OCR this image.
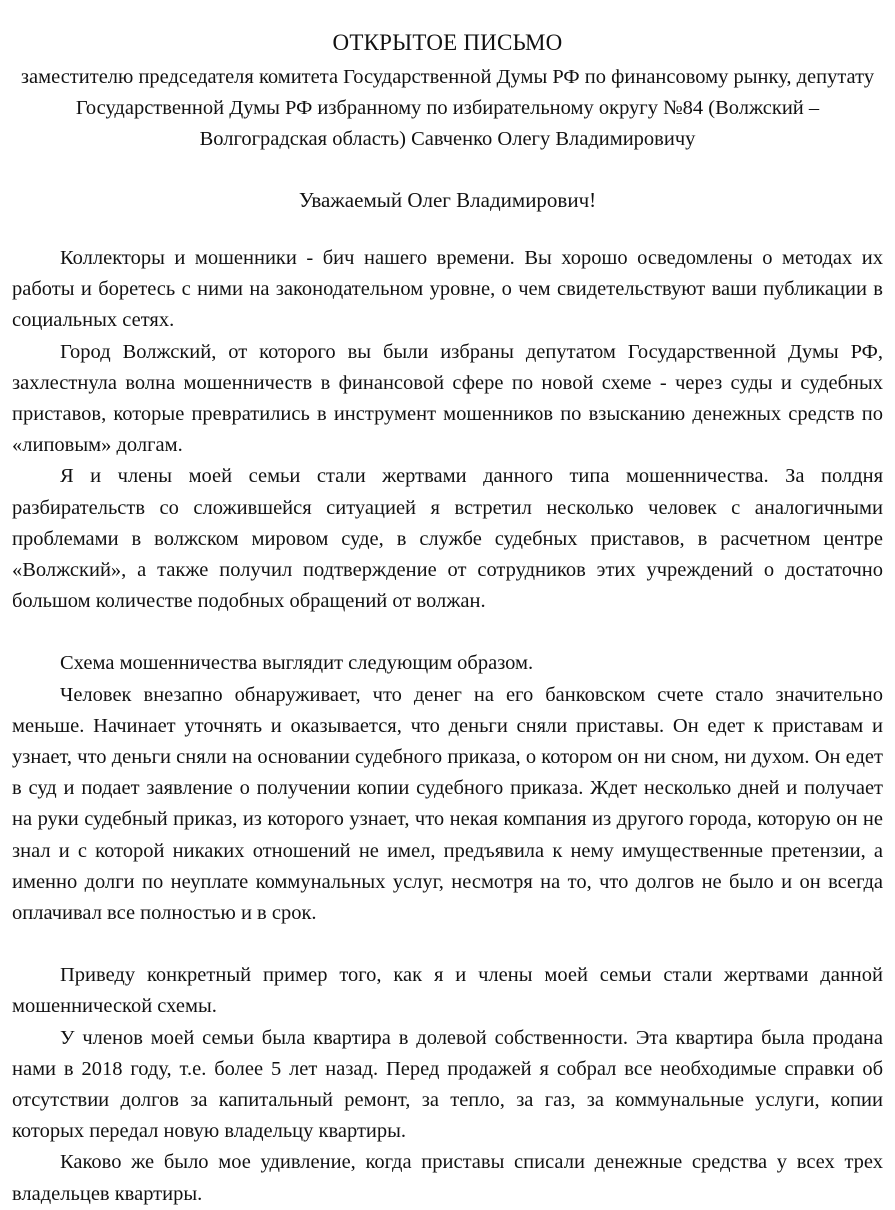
ОТКРЫТОЕ ПИСЬМО

заместителю председателя комитета Государственной Думы РФ по финансовому рынку, депутату Государственной Думы РФ избранному по избирательному округу №84 (Волжский – Волгоградская область) Савченко Олегу Владимировичу

Уважаемый Олег Владимирович!

Коллекторы и мошенники - бич нашего времени. Вы хорошо осведомлены о методах их работы и боретесь с ними на законодательном уровне, о чем свидетельствуют ваши публикации в социальных сетях.

Город Волжский, от которого вы были избраны депутатом Государственной Думы РФ, захлестнула волна мошенничеств в финансовой сфере по новой схеме - через суды и судебных приставов, которые превратились в инструмент мошенников по взысканию денежных средств по «липовым» долгам.

Я и члены моей семьи стали жертвами данного типа мошенничества. За полдня разбирательств со сложившейся ситуацией я встретил несколько человек с аналогичными проблемами в волжском мировом суде, в службе судебных приставов, в расчетном центре «Волжский», а также получил подтверждение от сотрудников этих учреждений о достаточно большом количестве подобных обращений от волжан.

Схема мошенничества выглядит следующим образом.

Человек внезапно обнаруживает, что денег на его банковском счете стало значительно меньше. Начинает уточнять и оказывается, что деньги сняли приставы. Он едет к приставам и узнает, что деньги сняли на основании судебного приказа, о котором он ни сном, ни духом. Он едет в суд и подает заявление о получении копии судебного приказа. Ждет несколько дней и получает на руки судебный приказ, из которого узнает, что некая компания из другого города, которую он не знал и с которой никаких отношений не имел, предъявила к нему имущественные претензии, а именно долги по неуплате коммунальных услуг, несмотря на то, что долгов не было и он всегда оплачивал все полностью и в срок.

Приведу конкретный пример того, как я и члены моей семьи стали жертвами данной мошеннической схемы.

У членов моей семьи была квартира в долевой собственности. Эта квартира была продана нами в 2018 году, т.е. более 5 лет назад. Перед продажей я собрал все необходимые справки об отсутствии долгов за капитальный ремонт, за тепло, за газ, за коммунальные услуги, копии которых передал новую владельцу квартиры.

Каково же было мое удивление, когда приставы списали денежные средства у всех трех владельцев квартиры.
